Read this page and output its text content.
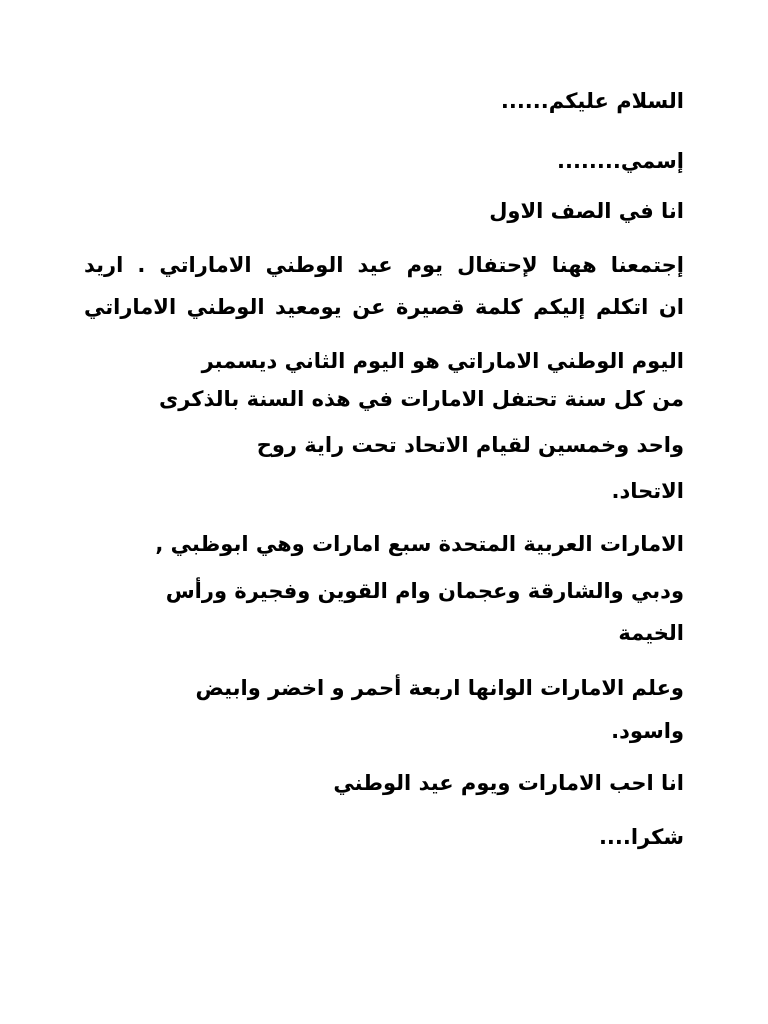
السلام عليكم......
إسمي........
انا في الصف الاول
إجتمعنا ههنا لإحتفال يوم عيد الوطني الاماراتي . اريد
ان اتكلم إليكم كلمة قصيرة عن يومعيد الوطني الاماراتي
اليوم الوطني الاماراتي هو اليوم الثاني ديسمبر
من كل سنة تحتفل الامارات في هذه السنة بالذكرى
واحد وخمسين لقيام الاتحاد تحت راية روح
الاتحاد.
الامارات العربية المتحدة سبع امارات وهي ابوظبي ,
ودبي والشارقة وعجمان وام القوين وفجيرة ورأس
الخيمة
وعلم الامارات الوانها اربعة أحمر و اخضر وابيض
واسود.
انا احب الامارات ويوم عيد الوطني
شكرا....
